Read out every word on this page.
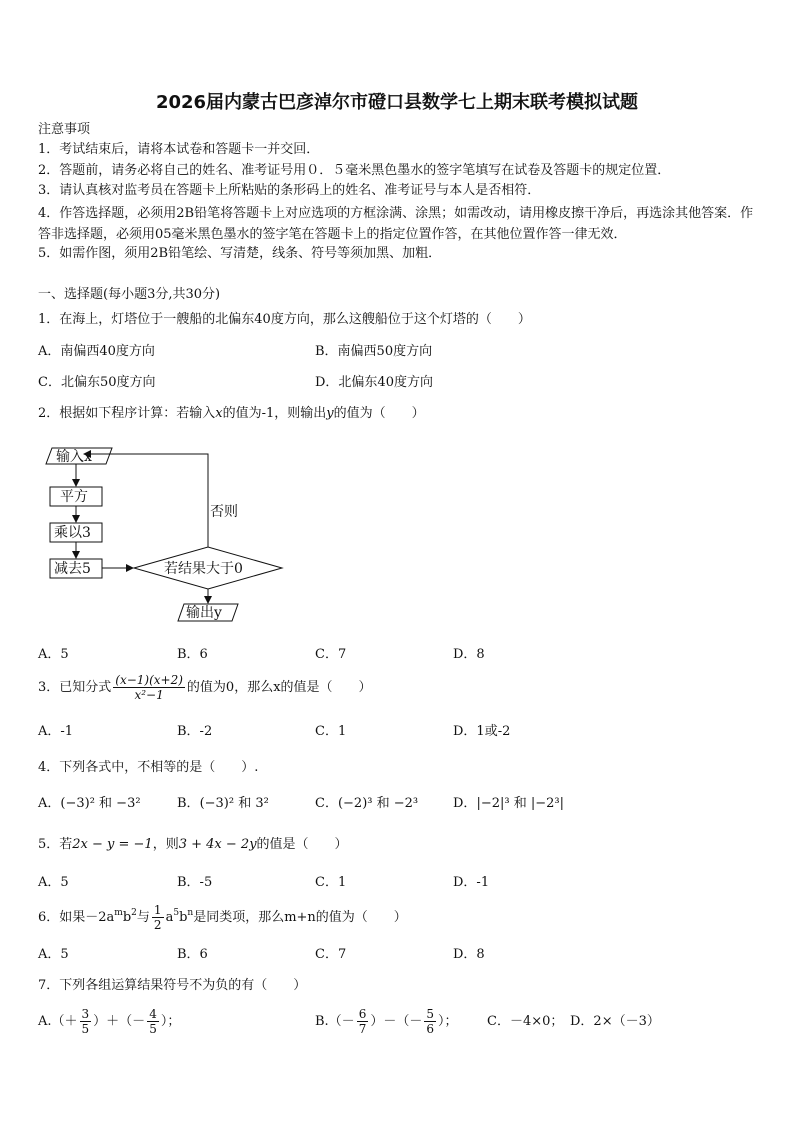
2026届内蒙古巴彦淖尔市磴口县数学七上期末联考模拟试题
注意事项
1．考试结束后，请将本试卷和答题卡一并交回．
2．答题前，请务必将自己的姓名、准考证号用０．５毫米黑色墨水的签字笔填写在试卷及答题卡的规定位置．
3．请认真核对监考员在答题卡上所粘贴的条形码上的姓名、准考证号与本人是否相符．
4．作答选择题，必须用2B铅笔将答题卡上对应选项的方框涂满、涂黑；如需改动，请用橡皮擦干净后，再选涂其他答案．作答非选择题，必须用05毫米黑色墨水的签字笔在答题卡上的指定位置作答，在其他位置作答一律无效．
5．如需作图，须用2B铅笔绘、写清楚，线条、符号等须加黑、加粗．
一、选择题(每小题3分,共30分)
1．在海上，灯塔位于一艘船的北偏东40度方向，那么这艘船位于这个灯塔的（　　）
A．南偏西40度方向	B．南偏西50度方向
C．北偏东50度方向	D．北偏东40度方向
2．根据如下程序计算：若输入x的值为-1，则输出y的值为（　　）
输入x
平方
乘以3
减去5	若结果大于0
否则
输出y
A．5	B．6	C．7	D．8
3．已知分式 $\frac{(x-1)(x+2)}{\text{x²−1}}$ 的值为0，那么x的值是（　　）
A．-1	B．-2	C．1	D．1或-2
4．下列各式中，不相等的是（　　）.
A．(−3)² 和 −3²	B．(−3)² 和 3²	C．(−2)³ 和 −2³	D．|−2|³ 和 |−2³|
5．若2x − y = −1，则3 + 4x − 2y的值是（　　）
A．5	B．-5	C．1	D．-1
6．如果$-2a^mb^2$与 $\frac{1}{2} a^5b^n$是同类项，那么m+n的值为（　　）
A．5	B．6	C．7	D．8
7．下列各组运算结果符号不为负的有（　　）
$A.(+ \frac{3}{5}$ ）＋（－ $\frac{4}{5}$ ）；	$B.(- \frac{6}{7}$ ）－（－ $\frac{5}{6}$ ）； C．－4×0； D．2×（－3）
